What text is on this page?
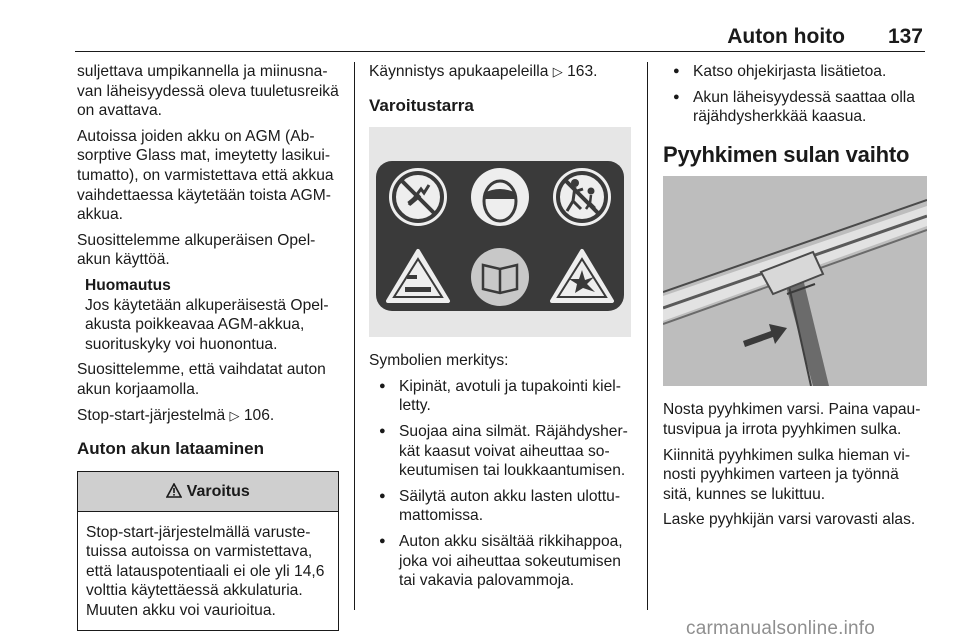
Auton hoito 137

suljettava umpikannella ja miinusnavan läheisyydessä oleva tuuletusreikä on avattava.

Autoissa joiden akku on AGM (Absorptive Glass mat, imeytetty lasikuitumatto), on varmistettava että akkua vaihdettaessa käytetään toista AGM-akkua.

Suosittelemme alkuperäisen Opel-akun käyttöä.

Huomautus
Jos käytetään alkuperäisestä Opel-akusta poikkeavaa AGM-akkua, suorituskyky voi huonontua.

Suosittelemme, että vaihdatat auton akun korjaamolla.

Stop-start-järjestelmä ▷ 106.

Auton akun lataaminen
Varoitus
Stop-start-järjestelmällä varustetuissa autoissa on varmistettava, että latauspotentiaali ei ole yli 14,6 volttia käytettäessä akkulaturia. Muuten akku voi vaurioitua.

Käynnistys apukaapeleilla ▷ 163.

Varoitustarra

Symbolien merkitys:

● Kipinät, avotuli ja tupakointi kielletty.
● Suojaa aina silmät. Räjähdysherkät kaasut voivat aiheuttaa sokeutumisen tai loukkaantumisen.
● Säilytä auton akku lasten ulottumattomissa.
● Auton akku sisältää rikkihappoa, joka voi aiheuttaa sokeutumisen tai vakavia palovammoja.
● Katso ohjekirjasta lisätietoa.
● Akun läheisyydessä saattaa olla räjähdysherkkää kaasua.
Pyyhkimen sulan vaihto

Nosta pyyhkimen varsi. Paina vapautusvipua ja irrota pyyhkimen sulka.

Kiinnitä pyyhkimen sulka hieman vinosti pyyhkimen varteen ja työnnä sitä, kunnes se lukittuu.

Laske pyyhkijän varsi varovasti alas.

carmanualsonline.info
